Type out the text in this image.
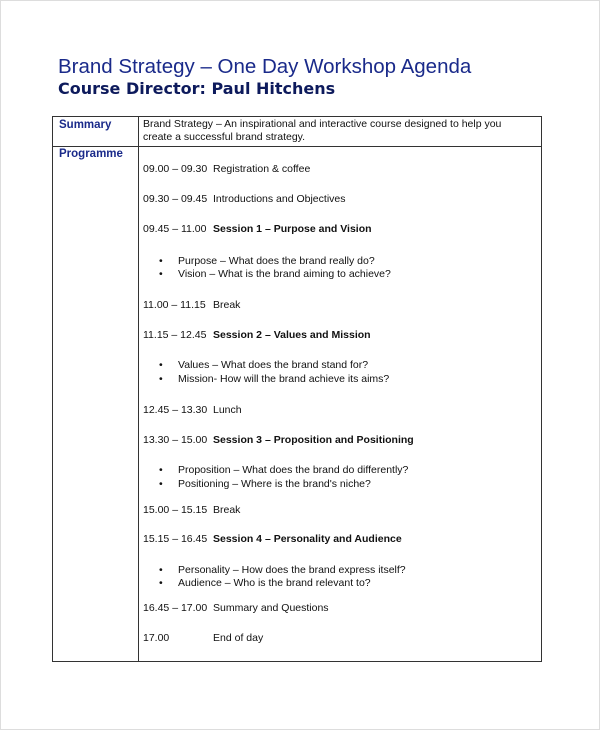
Brand Strategy – One Day Workshop Agenda
Course Director: Paul Hitchens
Summary	Brand Strategy – An inspirational and interactive course designed to help you create a successful brand strategy.
Programme
09.00 – 09.30 Registration & coffee
09.30 – 09.45 Introductions and Objectives
09.45 – 11.00 Session 1 – Purpose and Vision
• Purpose – What does the brand really do?
• Vision – What is the brand aiming to achieve?
11.00 – 11.15 Break
11.15 – 12.45 Session 2 – Values and Mission
• Values – What does the brand stand for?
• Mission- How will the brand achieve its aims?
12.45 – 13.30 Lunch
13.30 – 15.00 Session 3 – Proposition and Positioning
• Proposition – What does the brand do differently?
• Positioning – Where is the brand's niche?
15.00 – 15.15 Break
15.15 – 16.45 Session 4 – Personality and Audience
• Personality – How does the brand express itself?
• Audience – Who is the brand relevant to?
16.45 – 17.00 Summary and Questions
17.00	End of day
